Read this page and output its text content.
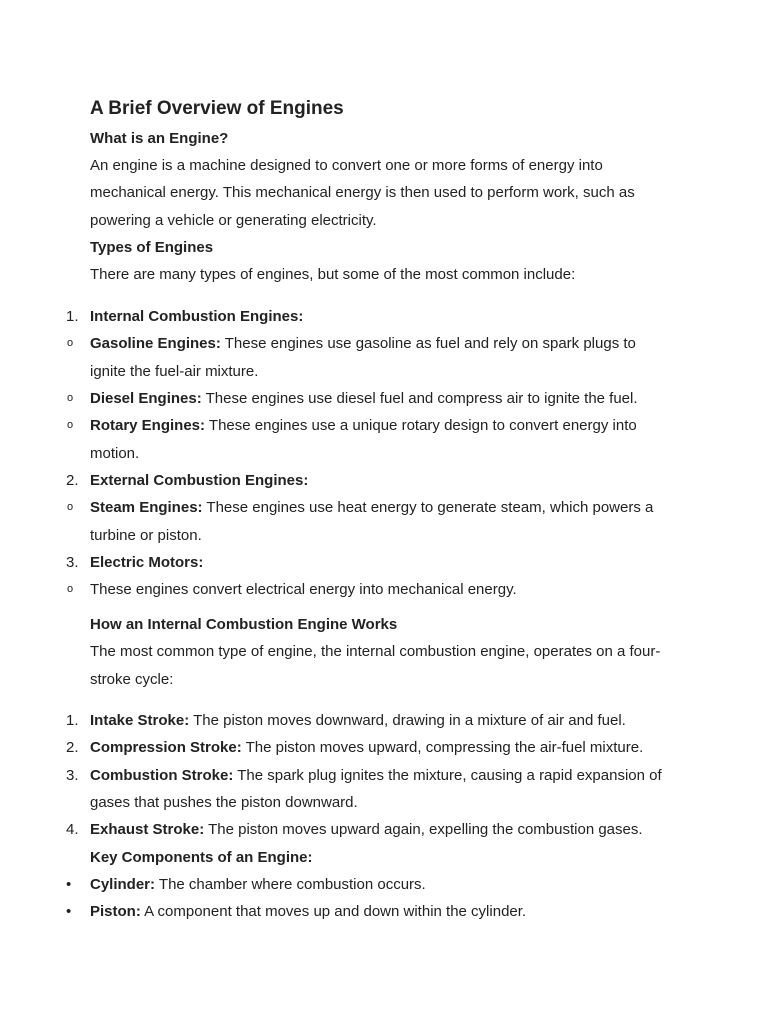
A Brief Overview of Engines
What is an Engine?
An engine is a machine designed to convert one or more forms of energy into mechanical energy. This mechanical energy is then used to perform work, such as powering a vehicle or generating electricity.
Types of Engines
There are many types of engines, but some of the most common include:
1. Internal Combustion Engines:
o	Gasoline Engines: These engines use gasoline as fuel and rely on spark plugs to ignite the fuel-air mixture.
o	Diesel Engines: These engines use diesel fuel and compress air to ignite the fuel.
o	Rotary Engines: These engines use a unique rotary design to convert energy into motion.
2. External Combustion Engines:
o	Steam Engines: These engines use heat energy to generate steam, which powers a turbine or piston.
3. Electric Motors:
o	These engines convert electrical energy into mechanical energy.
How an Internal Combustion Engine Works
The most common type of engine, the internal combustion engine, operates on a four-stroke cycle:
1. Intake Stroke: The piston moves downward, drawing in a mixture of air and fuel.
2. Compression Stroke: The piston moves upward, compressing the air-fuel mixture.
3. Combustion Stroke: The spark plug ignites the mixture, causing a rapid expansion of gases that pushes the piston downward.
4. Exhaust Stroke: The piston moves upward again, expelling the combustion gases.
Key Components of an Engine:
•	Cylinder: The chamber where combustion occurs.
•	Piston: A component that moves up and down within the cylinder.
